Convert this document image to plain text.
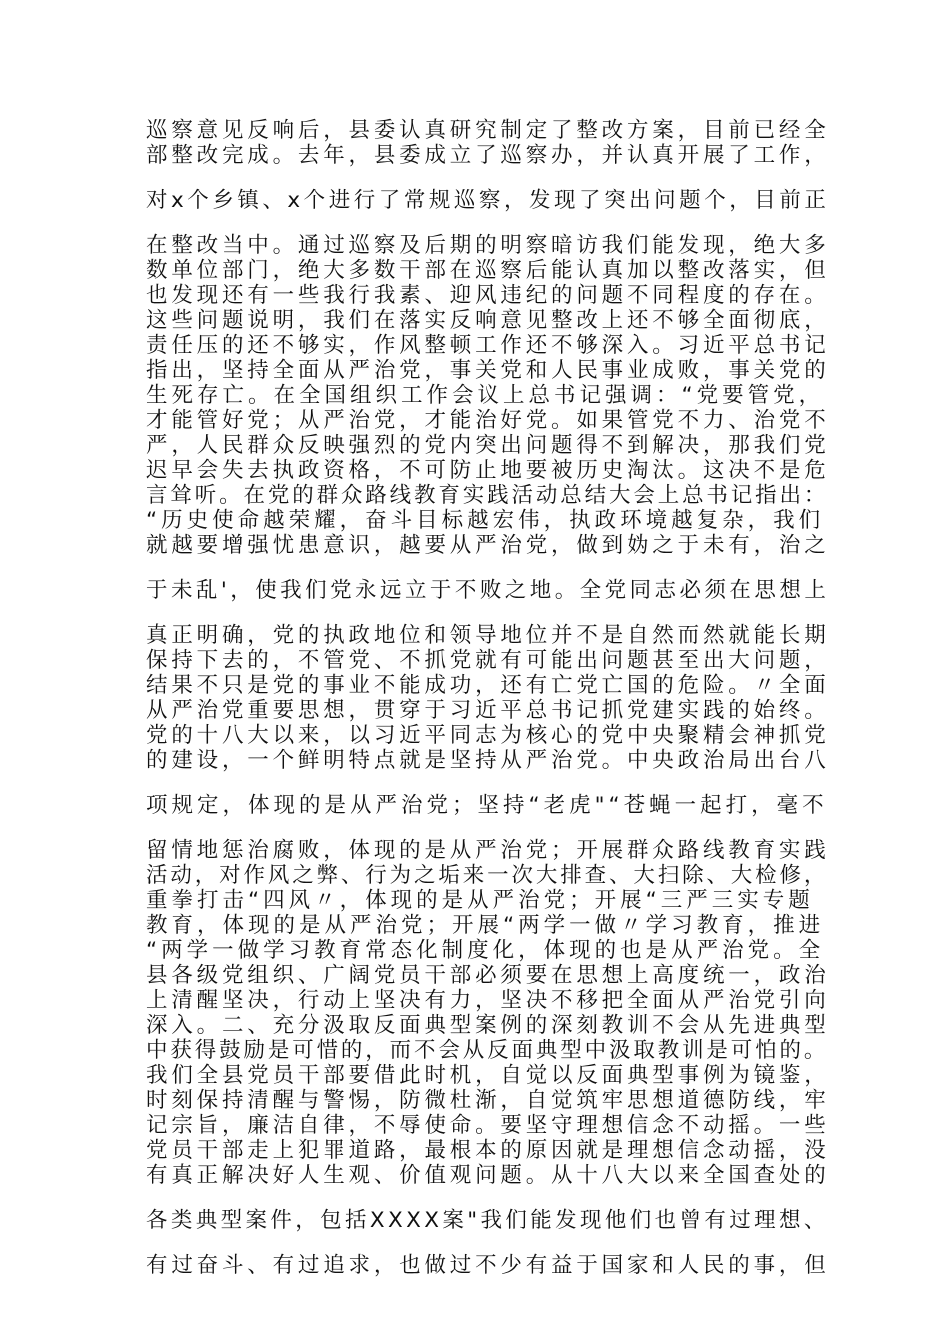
巡察意见反响后，县委认真研究制定了整改方案，目前已经全
部整改完成。去年，县委成立了巡察办，并认真开展了工作，
对x个乡镇、x个进行了常规巡察，发现了突出问题个，目前正
在整改当中。通过巡察及后期的明察暗访我们能发现，绝大多
数单位部门，绝大多数干部在巡察后能认真加以整改落实，但
也发现还有一些我行我素、迎风违纪的问题不同程度的存在。
这些问题说明，我们在落实反响意见整改上还不够全面彻底，
责任压的还不够实，作风整顿工作还不够深入。习近平总书记
指出，坚持全面从严治党，事关党和人民事业成败，事关党的
生死存亡。在全国组织工作会议上总书记强调：“党要管党，
才能管好党；从严治党，才能治好党。如果管党不力、治党不
严，人民群众反映强烈的党内突出问题得不到解决，那我们党
迟早会失去执政资格，不可防止地要被历史淘汰。这决不是危
言耸听。在党的群众路线教育实践活动总结大会上总书记指出：
“历史使命越荣耀，奋斗目标越宏伟，执政环境越复杂，我们
就越要增强忧患意识，越要从严治党，做到妫之于未有，治之
于未乱'，使我们党永远立于不败之地。全党同志必须在思想上
真正明确，党的执政地位和领导地位并不是自然而然就能长期
保持下去的，不管党、不抓党就有可能出问题甚至出大问题，
结果不只是党的事业不能成功，还有亡党亡国的危险。〃全面
从严治党重要思想，贯穿于习近平总书记抓党建实践的始终。
党的十八大以来，以习近平同志为核心的党中央聚精会神抓党
的建设，一个鲜明特点就是坚持从严治党。中央政治局出台八
项规定，体现的是从严治党；坚持“老虎"“苍蝇一起打，毫不
留情地惩治腐败，体现的是从严治党；开展群众路线教育实践
活动，对作风之弊、行为之垢来一次大排查、大扫除、大检修，
重拳打击“四风〃，体现的是从严治党；开展“三严三实专题
教育，体现的是从严治党；开展“两学一做〃学习教育，推进
“两学一做学习教育常态化制度化，体现的也是从严治党。全
县各级党组织、广阔党员干部必须要在思想上高度统一，政治
上清醒坚决，行动上坚决有力，坚决不移把全面从严治党引向
深入。二、充分汲取反面典型案例的深刻教训不会从先进典型
中获得鼓励是可惜的，而不会从反面典型中汲取教训是可怕的。
我们全县党员干部要借此时机，自觉以反面典型事例为镜鉴，
时刻保持清醒与警惕，防微杜渐，自觉筑牢思想道德防线，牢
记宗旨，廉洁自律，不辱使命。要坚守理想信念不动摇。一些
党员干部走上犯罪道路，最根本的原因就是理想信念动摇，没
有真正解决好人生观、价值观问题。从十八大以来全国查处的
各类典型案件，包括XXXX案"我们能发现他们也曾有过理想、
有过奋斗、有过追求，也做过不少有益于国家和人民的事，但
